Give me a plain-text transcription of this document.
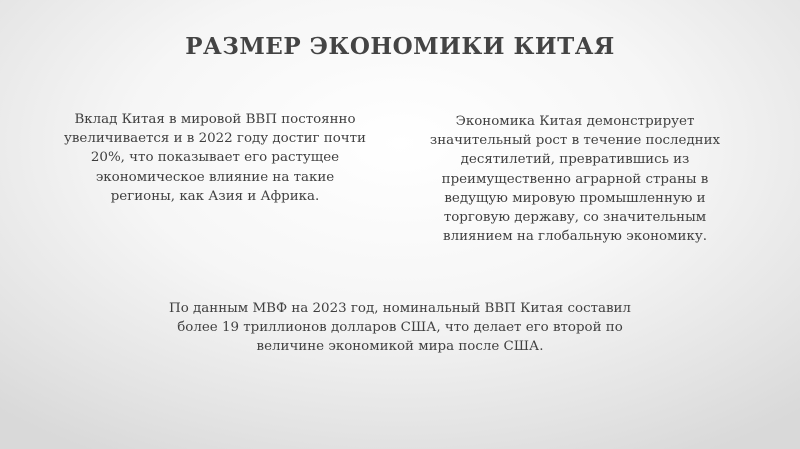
РАЗМЕР ЭКОНОМИКИ КИТАЯ
Вклад Китая в мировой ВВП постоянно
увеличивается и в 2022 году достиг почти
20%, что показывает его растущее
экономическое влияние на такие
регионы, как Азия и Африка.
Экономика Китая демонстрирует
значительный рост в течение последних
десятилетий, превратившись из
преимущественно аграрной страны в
ведущую мировую промышленную и
торговую державу, со значительным
влиянием на глобальную экономику.
По данным МВФ на 2023 год, номинальный ВВП Китая составил
более 19 триллионов долларов США, что делает его второй по
величине экономикой мира после США.
